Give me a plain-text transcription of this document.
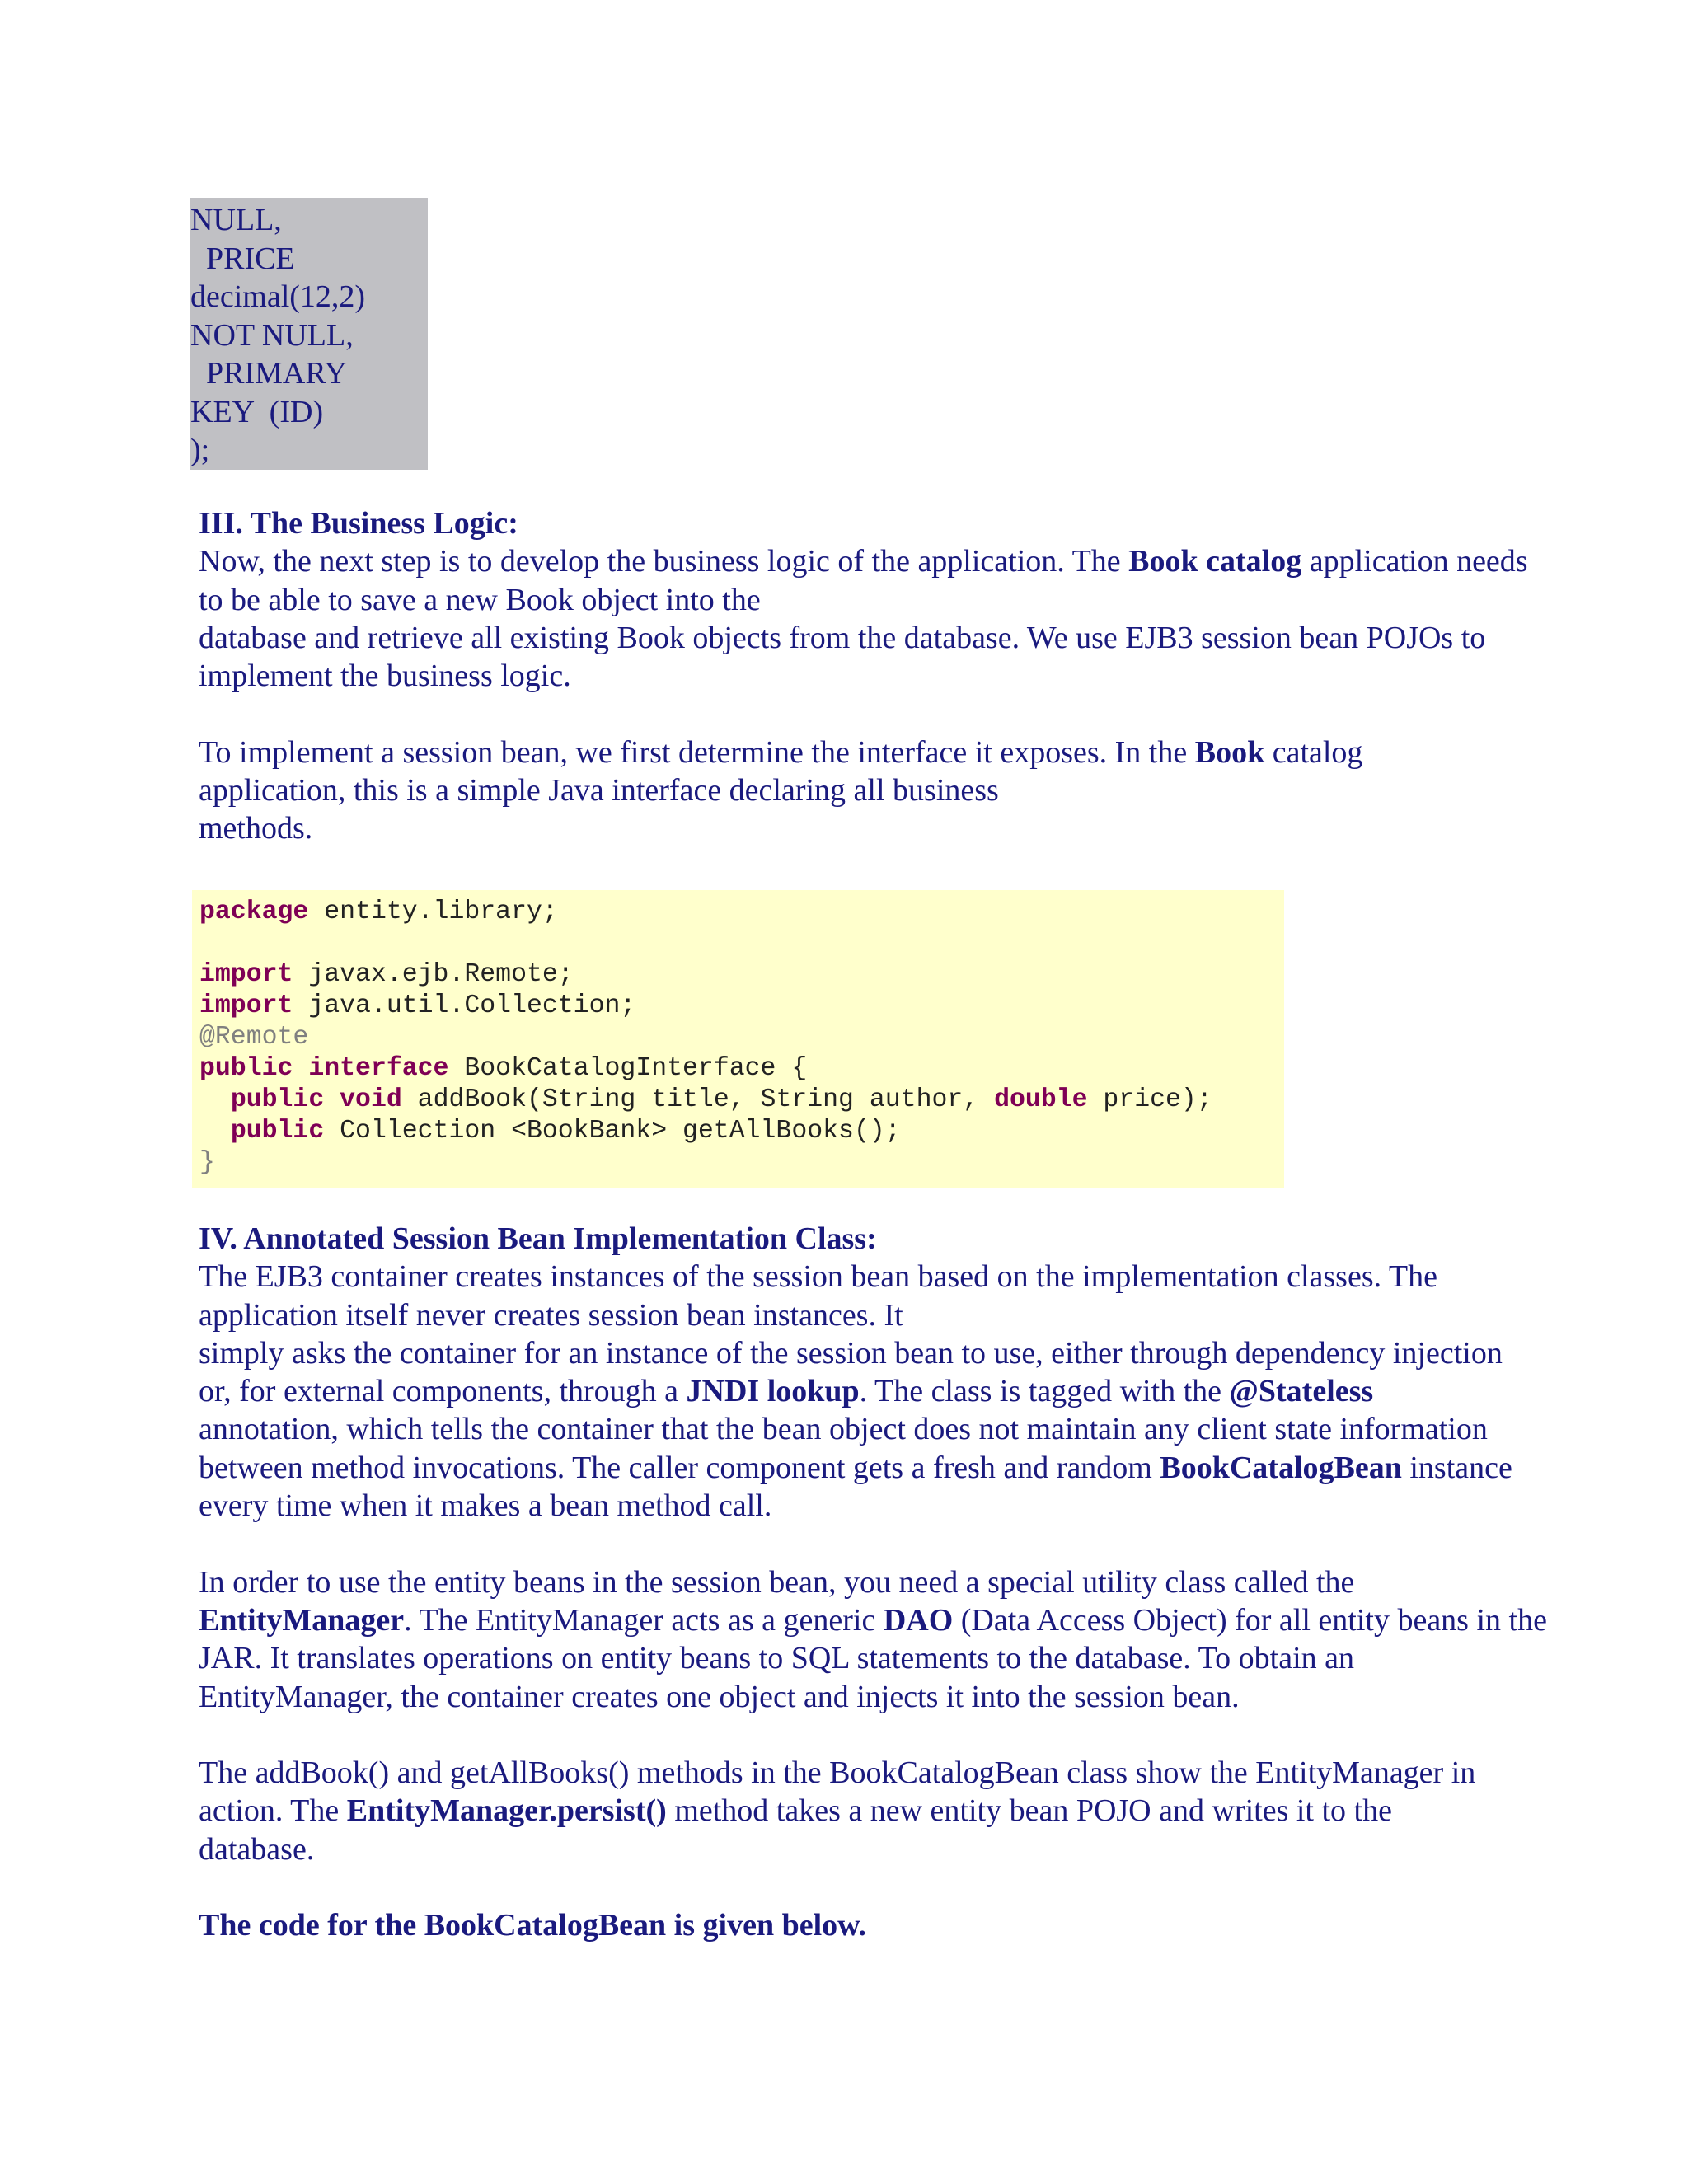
NULL,
PRICE
decimal(12,2)
NOT NULL,
PRIMARY
KEY  (ID)
);

III. The Business Logic:

Now, the next step is to develop the business logic of the application. The Book catalog application needs to be able to save a new Book object into the
database and retrieve all existing Book objects from the database. We use EJB3 session bean POJOs to implement the business logic.

To implement a session bean, we first determine the interface it exposes. In the Book catalog application, this is a simple Java interface declaring all business
methods.

package entity.library;

import javax.ejb.Remote;
import java.util.Collection;
@Remote
public interface BookCatalogInterface {
public void addBook(String title, String author, double price);
public Collection <BookBank> getAllBooks();
}

IV. Annotated Session Bean Implementation Class:

The EJB3 container creates instances of the session bean based on the implementation classes. The application itself never creates session bean instances. It
simply asks the container for an instance of the session bean to use, either through dependency injection or, for external components, through a JNDI lookup. The class is tagged with the @Stateless annotation, which tells the container that the bean object does not maintain any client state information between method invocations. The caller component gets a fresh and random BookCatalogBean instance every time when it makes a bean method call.

In order to use the entity beans in the session bean, you need a special utility class called the EntityManager. The EntityManager acts as a generic DAO (Data Access Object) for all entity beans in the JAR. It translates operations on entity beans to SQL statements to the database. To obtain an EntityManager, the container creates one object and injects it into the session bean.

The addBook() and getAllBooks() methods in the BookCatalogBean class show the EntityManager in action. The EntityManager.persist() method takes a new entity bean POJO and writes it to the database.

The code for the BookCatalogBean is given below.
